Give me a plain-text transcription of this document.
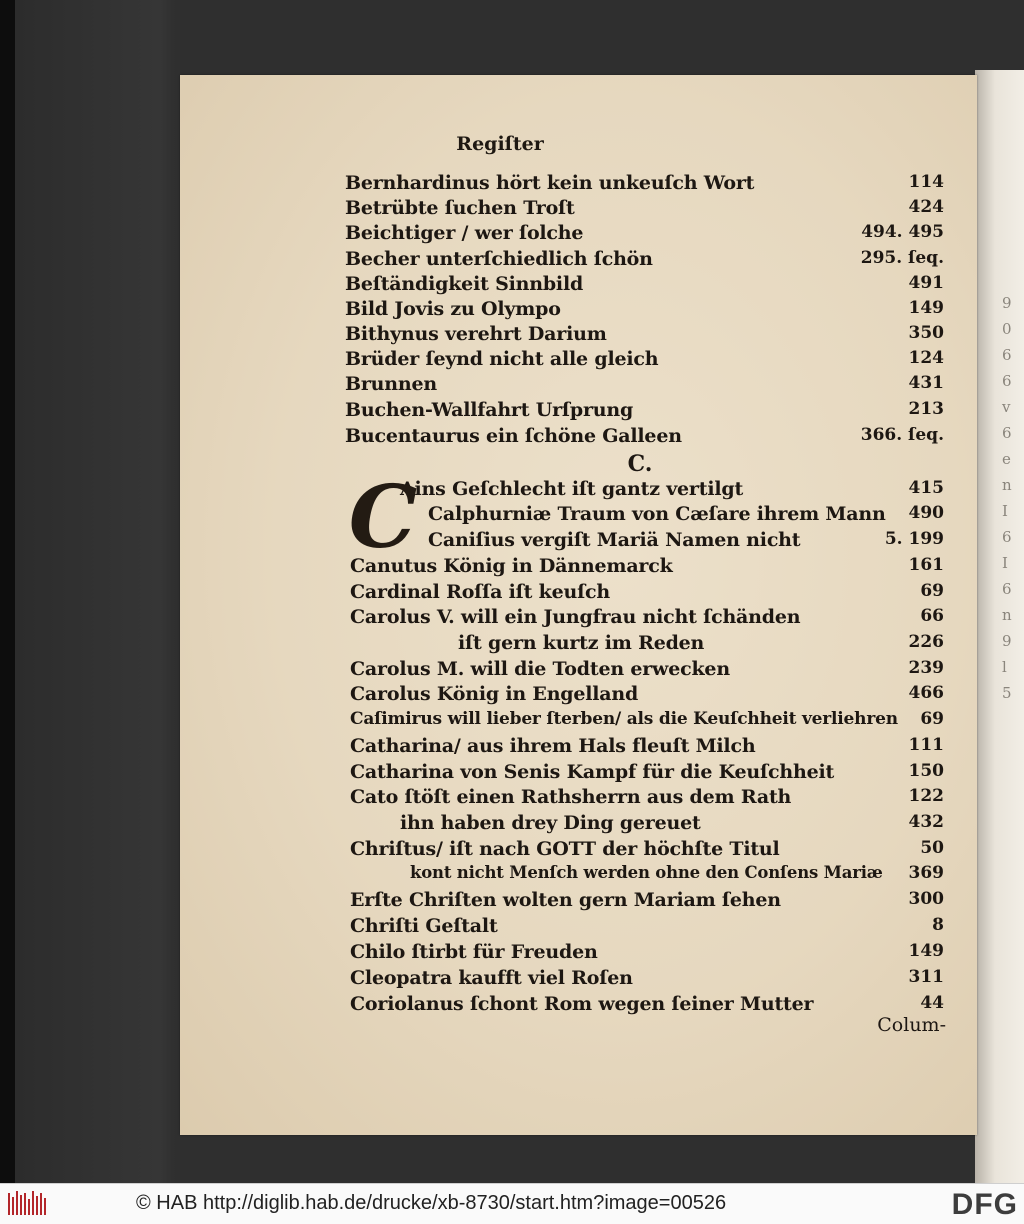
9
0
6
6
v
6
e
n
I
6
I
6
n
9
l
5
Regiſter
Bernhardinus hört kein unkeuſch Wort	114
Betrübte ſuchen Troſt	424
Beichtiger / wer ſolche	494. 495
Becher unterſchiedlich ſchön	295. ſeq.
Beſtändigkeit Sinnbild	491
Bild Jovis zu Olympo	149
Bithynus verehrt Darium	350
Brüder ſeynd nicht alle gleich	124
Brunnen	431
Buchen-Wallfahrt Urſprung	213
Bucentaurus ein ſchöne Galleen	366. ſeq.
Ains Geſchlecht iſt gantz vertilgt	415
Calphurniæ Traum von Cæſare ihrem Mann 490
Caniſius vergiſt Mariä Namen nicht	5. 199
Canutus König in Dännemarck	161
Cardinal Roſſa iſt keuſch	69
Carolus V. will ein Jungfrau nicht ſchänden	66
iſt gern kurtz im Reden	226
Carolus M. will die Todten erwecken	239
Carolus König in Engelland	466
Caſimirus will lieber ſterben/ als die Keuſchheit verliehren 69
Catharina/ aus ihrem Hals fleuſt Milch	111
Catharina von Senis Kampf für die Keuſchheit	150
Cato ſtöſt einen Rathsherrn aus dem Rath	122
ihn haben drey Ding gereuet	432
Chriſtus/ iſt nach GOTT der höchſte Titul	50
kont nicht Menſch werden ohne den Conſens Mariæ 369
Erſte Chriſten wolten gern Mariam ſehen	300
Chriſti Geſtalt	8
Chilo ſtirbt für Freuden	149
Cleopatra kaufft viel Roſen	311
Coriolanus ſchont Rom wegen ſeiner Mutter	44
C.
C
Colum-
© HAB http://diglib.hab.de/drucke/xb-8730/start.htm?image=00526	DFG
